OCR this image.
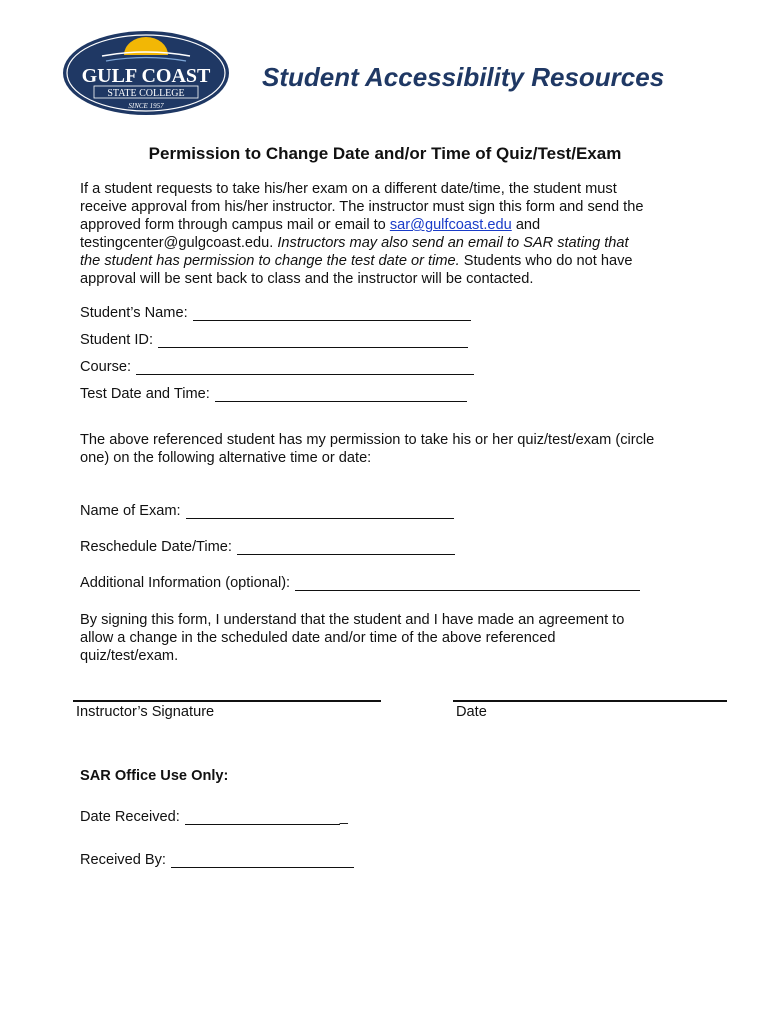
GULF COAST
STATE COLLEGE
SINCE 1957
Student Accessibility Resources
Permission to Change Date and/or Time of Quiz/Test/Exam
If a student requests to take his/her exam on a different date/time, the student must
receive approval from his/her instructor. The instructor must sign this form and send the
approved form through campus mail or email to sar@gulfcoast.edu and
testingcenter@gulgcoast.edu. Instructors may also send an email to SAR stating that
the student has permission to change the test date or time. Students who do not have
approval will be sent back to class and the instructor will be contacted.
Student’s Name:
Student ID:
Course:
Test Date and Time:
The above referenced student has my permission to take his or her quiz/test/exam (circle
one) on the following alternative time or date:
Name of Exam:
Reschedule Date/Time:
Additional Information (optional):
By signing this form, I understand that the student and I have made an agreement to
allow a change in the scheduled date and/or time of the above referenced
quiz/test/exam.
Instructor’s Signature	Date
SAR Office Use Only:
Date Received:	_
Received By:
